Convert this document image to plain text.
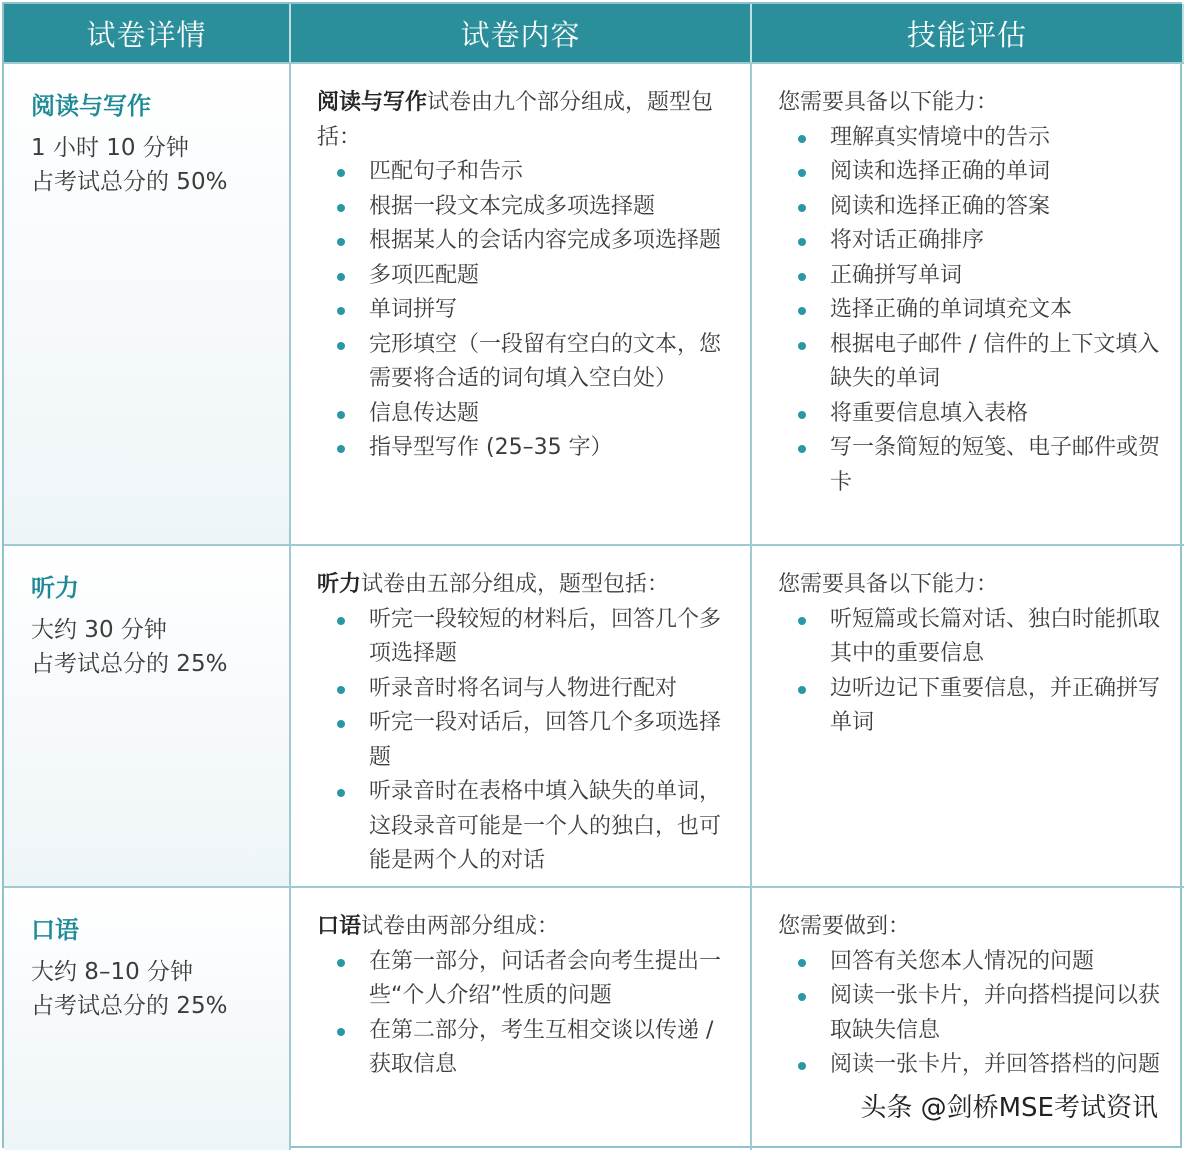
试卷详情	试卷内容	技能评估
阅读与写作
1 小时 10 分钟
占考试总分的 50%
阅读与写作试卷由九个部分组成，题型包括：
匹配句子和告示
根据一段文本完成多项选择题
根据某人的会话内容完成多项选择题
多项匹配题
单词拼写
完形填空（一段留有空白的文本，您需要将合适的词句填入空白处）
信息传达题
指导型写作 (25–35 字）
您需要具备以下能力：
理解真实情境中的告示
阅读和选择正确的单词
阅读和选择正确的答案
将对话正确排序
正确拼写单词
选择正确的单词填充文本
根据电子邮件 / 信件的上下文填入缺失的单词
将重要信息填入表格
写一条简短的短笺、电子邮件或贺卡
听力
大约 30 分钟
占考试总分的 25%
听力试卷由五部分组成，题型包括：
听完一段较短的材料后，回答几个多项选择题
听录音时将名词与人物进行配对
听完一段对话后，回答几个多项选择题
听录音时在表格中填入缺失的单词，这段录音可能是一个人的独白，也可能是两个人的对话
您需要具备以下能力：
听短篇或长篇对话、独白时能抓取其中的重要信息
边听边记下重要信息，并正确拼写单词
口语
大约 8–10 分钟
占考试总分的 25%
口语试卷由两部分组成：
在第一部分，问话者会向考生提出一些“个人介绍”性质的问题
在第二部分，考生互相交谈以传递 / 获取信息
您需要做到：
回答有关您本人情况的问题
阅读一张卡片，并向搭档提问以获取缺失信息
阅读一张卡片，并回答搭档的问题
头条 @剑桥MSE考试资讯
